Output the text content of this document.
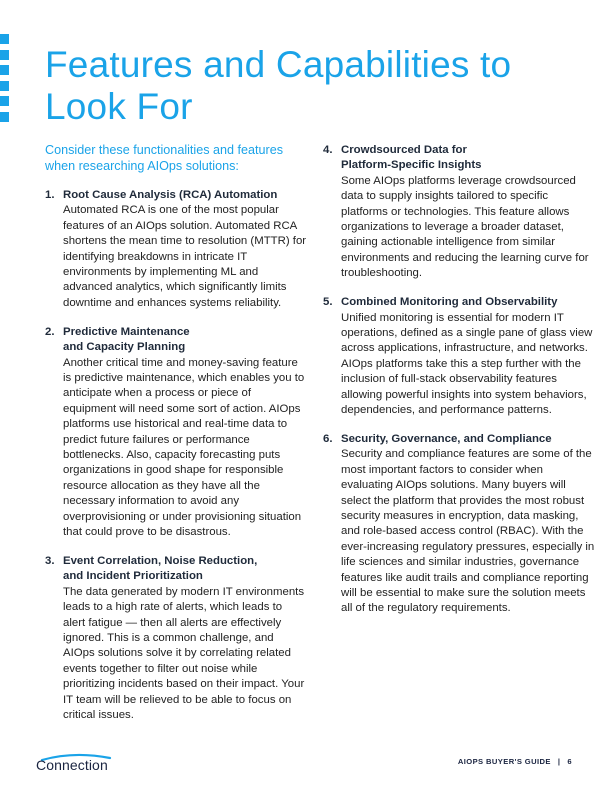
Features and Capabilities to Look For

Consider these functionalities and features when researching AIOps solutions:

1. Root Cause Analysis (RCA) Automation
Automated RCA is one of the most popular features of an AIOps solution. Automated RCA shortens the mean time to resolution (MTTR) for identifying breakdowns in intricate IT environments by implementing ML and advanced analytics, which significantly limits downtime and enhances systems reliability.
2. Predictive Maintenance
and Capacity Planning
Another critical time and money-saving feature is predictive maintenance, which enables you to anticipate when a process or piece of equipment will need some sort of action. AIOps platforms use historical and real-time data to predict future failures or performance bottlenecks. Also, capacity forecasting puts organizations in good shape for responsible resource allocation as they have all the necessary information to avoid any overprovisioning or under provisioning situation that could prove to be disastrous.
3. Event Correlation, Noise Reduction,
and Incident Prioritization
The data generated by modern IT environments leads to a high rate of alerts, which leads to alert fatigue — then all alerts are effectively ignored. This is a common challenge, and AIOps solutions solve it by correlating related events together to filter out noise while prioritizing incidents based on their impact. Your IT team will be relieved to be able to focus on critical issues.
4. Crowdsourced Data for
Platform-Specific Insights
Some AIOps platforms leverage crowdsourced data to supply insights tailored to specific platforms or technologies. This feature allows organizations to leverage a broader dataset, gaining actionable intelligence from similar environments and reducing the learning curve for troubleshooting.
5. Combined Monitoring and Observability
Unified monitoring is essential for modern IT operations, defined as a single pane of glass view across applications, infrastructure, and networks. AIOps platforms take this a step further with the inclusion of full-stack observability features allowing powerful insights into system behaviors, dependencies, and performance patterns.
6. Security, Governance, and Compliance
Security and compliance features are some of the most important factors to consider when evaluating AIOps solutions. Many buyers will select the platform that provides the most robust security measures in encryption, data masking, and role-based access control (RBAC). With the ever-increasing regulatory pressures, especially in life sciences and similar industries, governance features like audit trails and compliance reporting will be essential to make sure the solution meets all of the regulatory requirements.
Connection	AIOPS BUYER'S GUIDE | 6
